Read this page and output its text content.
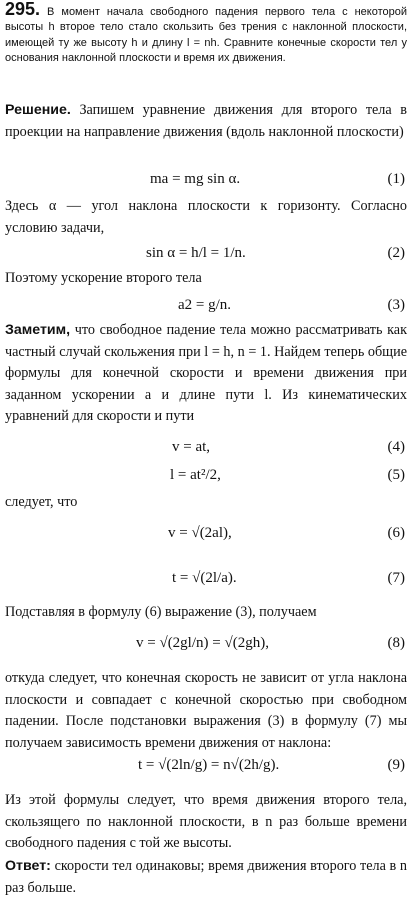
295. В момент начала свободного падения первого тела с некоторой высоты h второе тело стало скользить без трения с наклонной плоскости, имеющей ту же высоту h и длину l = nh. Сравните конечные скорости тел у основания наклонной плоскости и время их движения.
Решение. Запишем уравнение движения для второго тела в проекции на направление движения (вдоль наклонной плоскости)
ma = mg sin α.	(1)
Здесь α — угол наклона плоскости к горизонту. Согласно условию задачи,
sin α = h/l = 1/n.	(2)
Поэтому ускорение второго тела
a2 = g/n.	(3)
Заметим, что свободное падение тела можно рассматривать как частный случай скольжения при l = h, n = 1. Найдем теперь общие формулы для конечной скорости и времени движения при заданном ускорении a и длине пути l. Из кинематических уравнений для скорости и пути
v = at,	(4)
l = at²/2,	(5)
следует, что
v = √(2al),	(6)
t = √(2l/a).	(7)
Подставляя в формулу (6) выражение (3), получаем
v = √(2gl/n) = √(2gh),	(8)
откуда следует, что конечная скорость не зависит от угла наклона плоскости и совпадает с конечной скоростью при свободном падении. После подстановки выражения (3) в формулу (7) мы получаем зависимость времени движения от наклона:
t = √(2ln/g) = n√(2h/g).	(9)
Из этой формулы следует, что время движения второго тела, скользящего по наклонной плоскости, в n раз больше времени свободного падения с той же высоты.
Ответ: скорости тел одинаковы; время движения второго тела в n раз больше.
